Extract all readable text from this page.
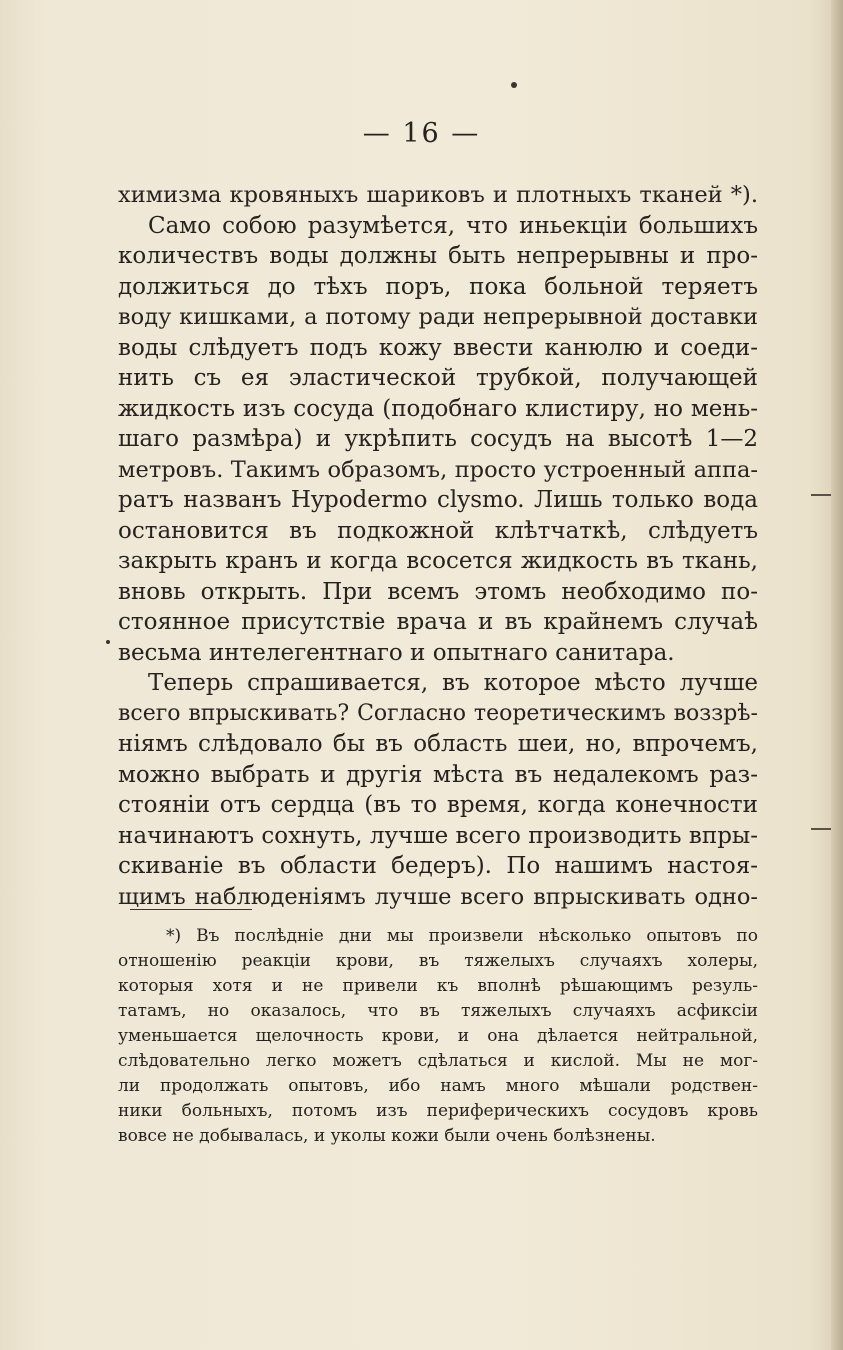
— 16 —
химизма кровяныхъ шариковъ и плотныхъ тканей *).
Само собою разумѣется, что иньекціи большихъ
количествъ воды должны быть непрерывны и про-
должиться до тѣхъ поръ, пока больной теряетъ
воду кишками, а потому ради непрерывной доставки
воды слѣдуетъ подъ кожу ввести канюлю и соеди-
нить съ ея эластической трубкой, получающей
жидкость изъ сосуда (подобнаго клистиру, но мень-
шаго размѣра) и укрѣпить сосудъ на высотѣ 1—2
метровъ. Такимъ образомъ, просто устроенный аппа-
ратъ названъ Hypodermo clysmo. Лишь только вода
остановится въ подкожной клѣтчаткѣ, слѣдуетъ
закрыть кранъ и когда всосется жидкость въ ткань,
вновь открыть. При всемъ этомъ необходимо по-
стоянное присутствіе врача и въ крайнемъ случаѣ
весьма интелегентнаго и опытнаго санитара.
Теперь спрашивается, въ которое мѣсто лучше
всего впрыскивать? Согласно теоретическимъ воззрѣ-
ніямъ слѣдовало бы въ область шеи, но, впрочемъ,
можно выбрать и другія мѣста въ недалекомъ раз-
стояніи отъ сердца (въ то время, когда конечности
начинаютъ сохнуть, лучше всего производить впры-
скиваніе въ области бедеръ). По нашимъ настоя-
щимъ наблюденіямъ лучше всего впрыскивать одно-
*) Въ послѣдніе дни мы произвели нѣсколько опытовъ по
отношенію реакціи крови, въ тяжелыхъ случаяхъ холеры,
которыя хотя и не привели къ вполнѣ рѣшающимъ резуль-
татамъ, но оказалось, что въ тяжелыхъ случаяхъ асфиксіи
уменьшается щелочность крови, и она дѣлается нейтральной,
слѣдовательно легко можетъ сдѣлаться и кислой. Мы не мог-
ли продолжать опытовъ, ибо намъ много мѣшали родствен-
ники больныхъ, потомъ изъ периферическихъ сосудовъ кровь
вовсе не добывалась, и уколы кожи были очень болѣзнены.
